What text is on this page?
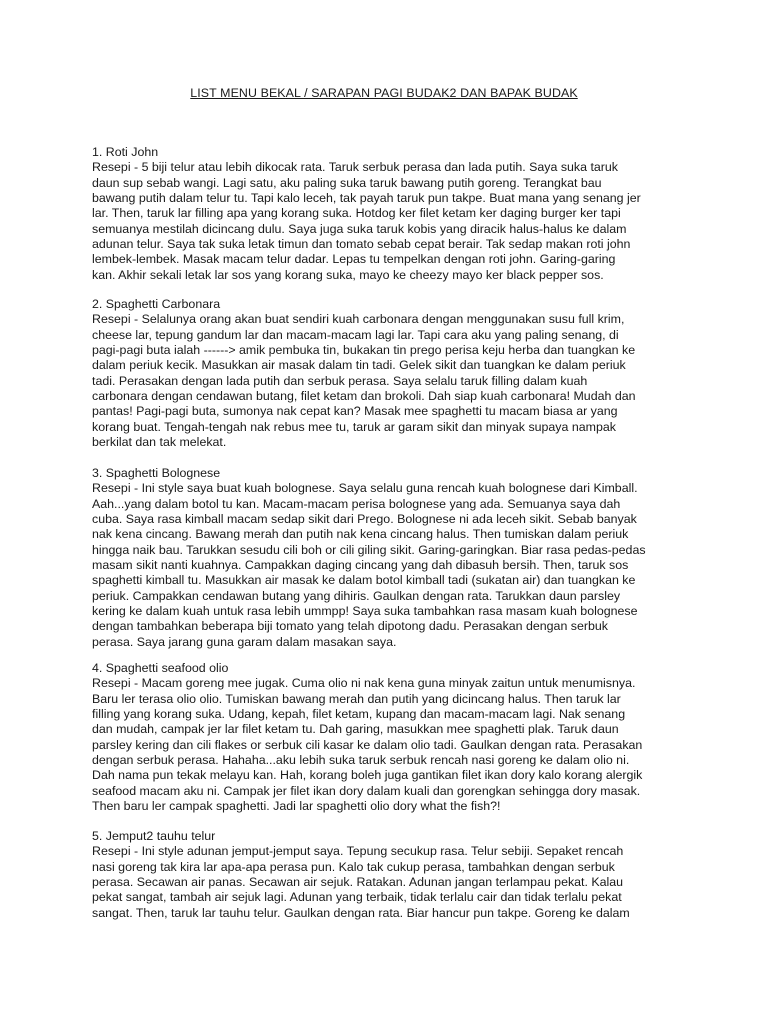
LIST MENU BEKAL / SARAPAN PAGI BUDAK2 DAN BAPAK BUDAK
1. Roti John
Resepi - 5 biji telur atau lebih dikocak rata. Taruk serbuk perasa dan lada putih. Saya suka taruk
daun sup sebab wangi. Lagi satu, aku paling suka taruk bawang putih goreng. Terangkat bau
bawang putih dalam telur tu. Tapi kalo leceh, tak payah taruk pun takpe. Buat mana yang senang jer
lar. Then, taruk lar filling apa yang korang suka. Hotdog ker filet ketam ker daging burger ker tapi
semuanya mestilah dicincang dulu. Saya juga suka taruk kobis yang diracik halus-halus ke dalam
adunan telur. Saya tak suka letak timun dan tomato sebab cepat berair. Tak sedap makan roti john
lembek-lembek. Masak macam telur dadar. Lepas tu tempelkan dengan roti john. Garing-garing
kan. Akhir sekali letak lar sos yang korang suka, mayo ke cheezy mayo ker black pepper sos.
2. Spaghetti Carbonara
Resepi - Selalunya orang akan buat sendiri kuah carbonara dengan menggunakan susu full krim,
cheese lar, tepung gandum lar dan macam-macam lagi lar. Tapi cara aku yang paling senang, di
pagi-pagi buta ialah ------> amik pembuka tin, bukakan tin prego perisa keju herba dan tuangkan ke
dalam periuk kecik. Masukkan air masak dalam tin tadi. Gelek sikit dan tuangkan ke dalam periuk
tadi. Perasakan dengan lada putih dan serbuk perasa. Saya selalu taruk filling dalam kuah
carbonara dengan cendawan butang, filet ketam dan brokoli. Dah siap kuah carbonara! Mudah dan
pantas! Pagi-pagi buta, sumonya nak cepat kan? Masak mee spaghetti tu macam biasa ar yang
korang buat. Tengah-tengah nak rebus mee tu, taruk ar garam sikit dan minyak supaya nampak
berkilat dan tak melekat.
3. Spaghetti Bolognese
Resepi - Ini style saya buat kuah bolognese. Saya selalu guna rencah kuah bolognese dari Kimball.
Aah...yang dalam botol tu kan. Macam-macam perisa bolognese yang ada. Semuanya saya dah
cuba. Saya rasa kimball macam sedap sikit dari Prego. Bolognese ni ada leceh sikit. Sebab banyak
nak kena cincang. Bawang merah dan putih nak kena cincang halus. Then tumiskan dalam periuk
hingga naik bau. Tarukkan sesudu cili boh or cili giling sikit. Garing-garingkan. Biar rasa pedas-pedas
masam sikit nanti kuahnya. Campakkan daging cincang yang dah dibasuh bersih. Then, taruk sos
spaghetti kimball tu. Masukkan air masak ke dalam botol kimball tadi (sukatan air) dan tuangkan ke
periuk. Campakkan cendawan butang yang dihiris. Gaulkan dengan rata. Tarukkan daun parsley
kering ke dalam kuah untuk rasa lebih ummpp! Saya suka tambahkan rasa masam kuah bolognese
dengan tambahkan beberapa biji tomato yang telah dipotong dadu. Perasakan dengan serbuk
perasa. Saya jarang guna garam dalam masakan saya.
4. Spaghetti seafood olio
Resepi - Macam goreng mee jugak. Cuma olio ni nak kena guna minyak zaitun untuk menumisnya.
Baru ler terasa olio olio. Tumiskan bawang merah dan putih yang dicincang halus. Then taruk lar
filling yang korang suka. Udang, kepah, filet ketam, kupang dan macam-macam lagi. Nak senang
dan mudah, campak jer lar filet ketam tu. Dah garing, masukkan mee spaghetti plak. Taruk daun
parsley kering dan cili flakes or serbuk cili kasar ke dalam olio tadi. Gaulkan dengan rata. Perasakan
dengan serbuk perasa. Hahaha...aku lebih suka taruk serbuk rencah nasi goreng ke dalam olio ni.
Dah nama pun tekak melayu kan. Hah, korang boleh juga gantikan filet ikan dory kalo korang alergik
seafood macam aku ni. Campak jer filet ikan dory dalam kuali dan gorengkan sehingga dory masak.
Then baru ler campak spaghetti. Jadi lar spaghetti olio dory what the fish?!
5. Jemput2 tauhu telur
Resepi - Ini style adunan jemput-jemput saya. Tepung secukup rasa. Telur sebiji. Sepaket rencah
nasi goreng tak kira lar apa-apa perasa pun. Kalo tak cukup perasa, tambahkan dengan serbuk
perasa. Secawan air panas. Secawan air sejuk. Ratakan. Adunan jangan terlampau pekat. Kalau
pekat sangat, tambah air sejuk lagi. Adunan yang terbaik, tidak terlalu cair dan tidak terlalu pekat
sangat. Then, taruk lar tauhu telur. Gaulkan dengan rata. Biar hancur pun takpe. Goreng ke dalam
